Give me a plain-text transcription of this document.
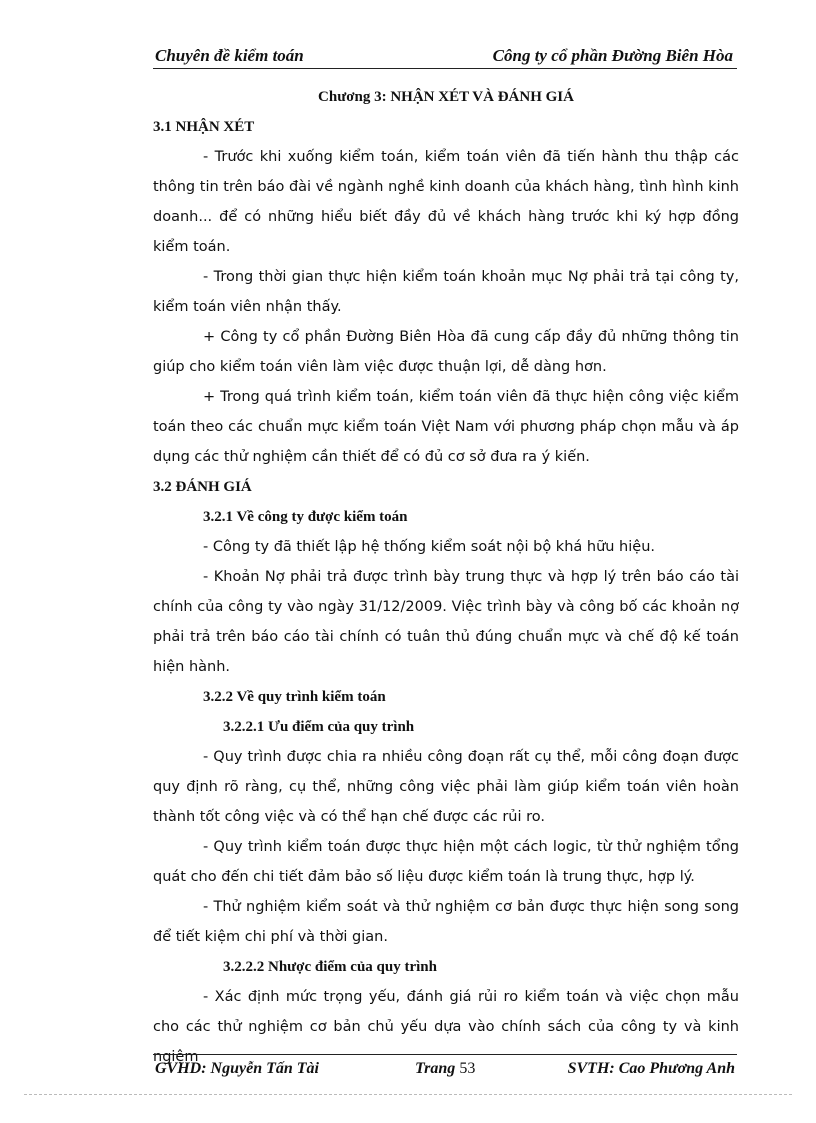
Chuyên đề kiểm toán	Công ty cổ phần Đường Biên Hòa

Chương 3: NHẬN XÉT VÀ ĐÁNH GIÁ

3.1 NHẬN XÉT

- Trước khi xuống kiểm toán, kiểm toán viên đã tiến hành thu thập các thông tin trên báo đài về ngành nghề kinh doanh của khách hàng, tình hình kinh doanh... để có những hiểu biết đầy đủ về khách hàng trước khi ký hợp đồng kiểm toán.

- Trong thời gian thực hiện kiểm toán khoản mục Nợ phải trả tại công ty, kiểm toán viên nhận thấy.

+ Công ty cổ phần Đường Biên Hòa đã cung cấp đầy đủ những thông tin giúp cho kiểm toán viên làm việc được thuận lợi, dễ dàng hơn.

+ Trong quá trình kiểm toán, kiểm toán viên đã thực hiện công việc kiểm toán theo các chuẩn mực kiểm toán Việt Nam với phương pháp chọn mẫu và áp dụng các thử nghiệm cần thiết để có đủ cơ sở đưa ra ý kiến.

3.2 ĐÁNH GIÁ

3.2.1 Về công ty được kiểm toán

- Công ty đã thiết lập hệ thống kiểm soát nội bộ khá hữu hiệu.

- Khoản Nợ phải trả được trình bày trung thực và hợp lý trên báo cáo tài chính của công ty vào ngày 31/12/2009. Việc trình bày và công bố các khoản nợ phải trả trên báo cáo tài chính có tuân thủ đúng chuẩn mực và chế độ kế toán hiện hành.

3.2.2 Về quy trình kiểm toán

3.2.2.1 Ưu điểm của quy trình

- Quy trình được chia ra nhiều công đoạn rất cụ thể, mỗi công đoạn được quy định rõ ràng, cụ thể, những công việc phải làm giúp kiểm toán viên hoàn thành tốt công việc và có thể hạn chế được các rủi ro.

- Quy trình kiểm toán được thực hiện một cách logic, từ thử nghiệm tổng quát cho đến chi tiết đảm bảo số liệu được kiểm toán là trung thực, hợp lý.

- Thử nghiệm kiểm soát và thử nghiệm cơ bản được thực hiện song song để tiết kiệm chi phí và thời gian.

3.2.2.2 Nhược điểm của quy trình

- Xác định mức trọng yếu, đánh giá rủi ro kiểm toán và việc chọn mẫu cho các thử nghiệm cơ bản chủ yếu dựa vào chính sách của công ty và kinh ngiệm

GVHD: Nguyễn Tấn Tài	Trang 53	SVTH: Cao Phương Anh
